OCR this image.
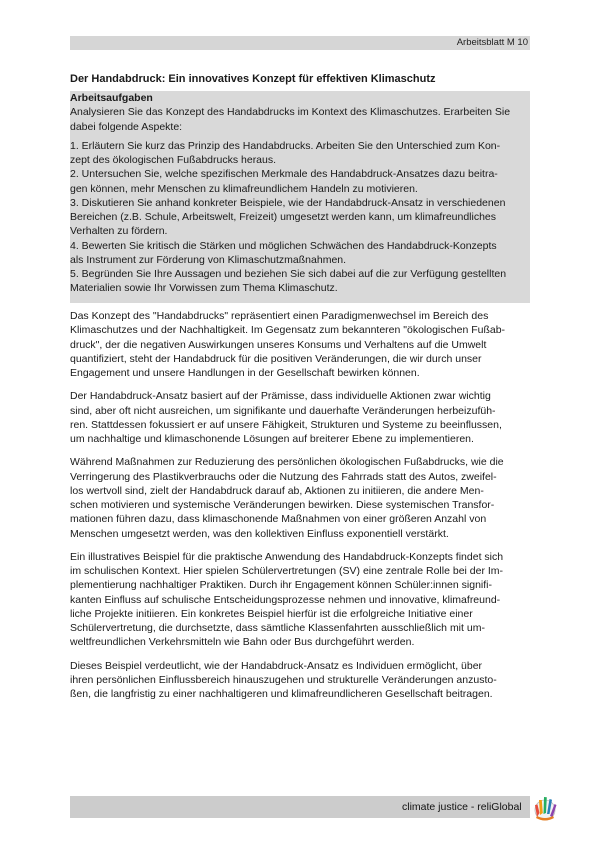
Arbeitsblatt M 10
Der Handabdruck: Ein innovatives Konzept für effektiven Klimaschutz

Arbeitsaufgaben

Analysieren Sie das Konzept des Handabdrucks im Kontext des Klimaschutzes. Erarbeiten Sie

dabei folgende Aspekte:

1. Erläutern Sie kurz das Prinzip des Handabdrucks. Arbeiten Sie den Unterschied zum Kon-

zept des ökologischen Fußabdrucks heraus.

2. Untersuchen Sie, welche spezifischen Merkmale des Handabdruck-Ansatzes dazu beitra-

gen können, mehr Menschen zu klimafreundlichem Handeln zu motivieren.

3. Diskutieren Sie anhand konkreter Beispiele, wie der Handabdruck-Ansatz in verschiedenen

Bereichen (z.B. Schule, Arbeitswelt, Freizeit) umgesetzt werden kann, um klimafreundliches

Verhalten zu fördern.

4. Bewerten Sie kritisch die Stärken und möglichen Schwächen des Handabdruck-Konzepts

als Instrument zur Förderung von Klimaschutzmaßnahmen.

5. Begründen Sie Ihre Aussagen und beziehen Sie sich dabei auf die zur Verfügung gestellten

Materialien sowie Ihr Vorwissen zum Thema Klimaschutz.

Das Konzept des "Handabdrucks" repräsentiert einen Paradigmenwechsel im Bereich des
Klimaschutzes und der Nachhaltigkeit. Im Gegensatz zum bekannteren "ökologischen Fußab-
druck", der die negativen Auswirkungen unseres Konsums und Verhaltens auf die Umwelt
quantifiziert, steht der Handabdruck für die positiven Veränderungen, die wir durch unser
Engagement und unsere Handlungen in der Gesellschaft bewirken können.

Der Handabdruck-Ansatz basiert auf der Prämisse, dass individuelle Aktionen zwar wichtig
sind, aber oft nicht ausreichen, um signifikante und dauerhafte Veränderungen herbeizufüh-
ren. Stattdessen fokussiert er auf unsere Fähigkeit, Strukturen und Systeme zu beeinflussen,
um nachhaltige und klimaschonende Lösungen auf breiterer Ebene zu implementieren.

Während Maßnahmen zur Reduzierung des persönlichen ökologischen Fußabdrucks, wie die
Verringerung des Plastikverbrauchs oder die Nutzung des Fahrrads statt des Autos, zweifel-
los wertvoll sind, zielt der Handabdruck darauf ab, Aktionen zu initiieren, die andere Men-
schen motivieren und systemische Veränderungen bewirken. Diese systemischen Transfor-
mationen führen dazu, dass klimaschonende Maßnahmen von einer größeren Anzahl von
Menschen umgesetzt werden, was den kollektiven Einfluss exponentiell verstärkt.

Ein illustratives Beispiel für die praktische Anwendung des Handabdruck-Konzepts findet sich
im schulischen Kontext. Hier spielen Schülervertretungen (SV) eine zentrale Rolle bei der Im-
plementierung nachhaltiger Praktiken. Durch ihr Engagement können Schüler:innen signifi-
kanten Einfluss auf schulische Entscheidungsprozesse nehmen und innovative, klimafreund-
liche Projekte initiieren. Ein konkretes Beispiel hierfür ist die erfolgreiche Initiative einer
Schülervertretung, die durchsetzte, dass sämtliche Klassenfahrten ausschließlich mit um-
weltfreundlichen Verkehrsmitteln wie Bahn oder Bus durchgeführt werden.

Dieses Beispiel verdeutlicht, wie der Handabdruck-Ansatz es Individuen ermöglicht, über
ihren persönlichen Einflussbereich hinauszugehen und strukturelle Veränderungen anzusto-
ßen, die langfristig zu einer nachhaltigeren und klimafreundlicheren Gesellschaft beitragen.

climate justice - reliGlobal
